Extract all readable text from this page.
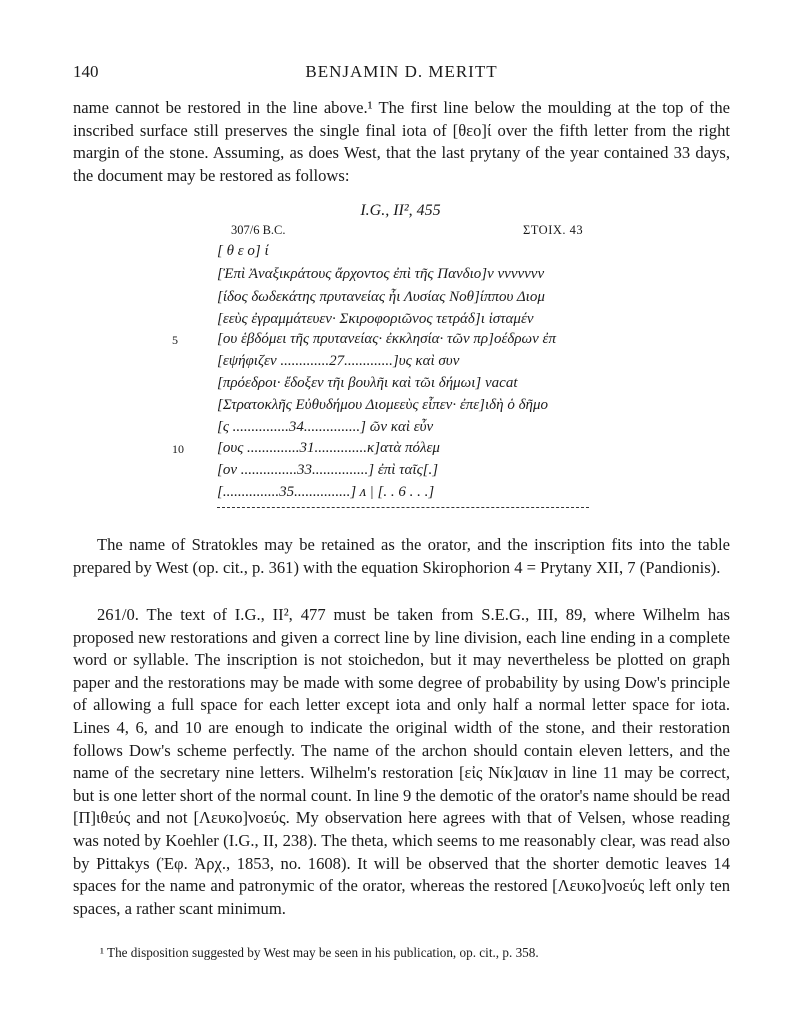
140	BENJAMIN D. MERITT
name cannot be restored in the line above.¹ The first line below the moulding at the top of the inscribed surface still preserves the single final iota of [θεο]ί over the fifth letter from the right margin of the stone. Assuming, as does West, that the last prytany of the year contained 33 days, the document may be restored as follows:
I.G., II², 455
307/6 B.C.	ΣΤΟΙΧ. 43
[ θ ε ο] ί
[Ἐπὶ Ἀναξικράτους ἄρχοντος ἐπὶ τῆς Πανδιο]ν vvvvvvv
[ίδος δωδεκάτης πρυτανείας ἧι Λυσίας Νοθ]ίππου Διομ
[εεὺς ἐγραμμάτευεν· Σκιροφοριῶνος τετράδ]ι ἱσταμέν
5	[ου ἑβδόμει τῆς πρυτανείας· ἐκκλησία· τῶν πρ]οέδρων ἐπ
[εψήφιζεν .............27.............]υς καὶ συν
[πρόεδροι· ἔδοξεν τῆι βουλῆι καὶ τῶι δήμωι] vacat
[Στρατοκλῆς Εὐθυδήμου Διομεεὺς εἶπεν· ἐπε]ιδὴ ὁ δῆμο
[ς ...............34...............] ῶν καὶ εὖν
10 [ους ..............31..............κ]ατὰ πόλεμ
[ον ...............33...............] ἐπὶ ταῖς[.]
[...............35...............] ᴧ | [. . 6 . . .]
The name of Stratokles may be retained as the orator, and the inscription fits into the table prepared by West (op. cit., p. 361) with the equation Skirophorion 4 = Prytany XII, 7 (Pandionis).
261/0. The text of I.G., II², 477 must be taken from S.E.G., III, 89, where Wilhelm has proposed new restorations and given a correct line by line division, each line ending in a complete word or syllable. The inscription is not stoichedon, but it may nevertheless be plotted on graph paper and the restorations may be made with some degree of probability by using Dow's principle of allowing a full space for each letter except iota and only half a normal letter space for iota. Lines 4, 6, and 10 are enough to indicate the original width of the stone, and their restoration follows Dow's scheme perfectly. The name of the archon should contain eleven letters, and the name of the secretary nine letters. Wilhelm's restoration [εἰς Νίκ]αιαν in line 11 may be correct, but is one letter short of the normal count. In line 9 the demotic of the orator's name should be read [Π]ιθεύς and not [Λευκο]νοεύς. My observation here agrees with that of Velsen, whose reading was noted by Koehler (I.G., II, 238). The theta, which seems to me reasonably clear, was read also by Pittakys (Ἐφ. Ἀρχ., 1853, no. 1608). It will be observed that the shorter demotic leaves 14 spaces for the name and patronymic of the orator, whereas the restored [Λευκο]νοεύς left only ten spaces, a rather scant minimum.
¹ The disposition suggested by West may be seen in his publication, op. cit., p. 358.
